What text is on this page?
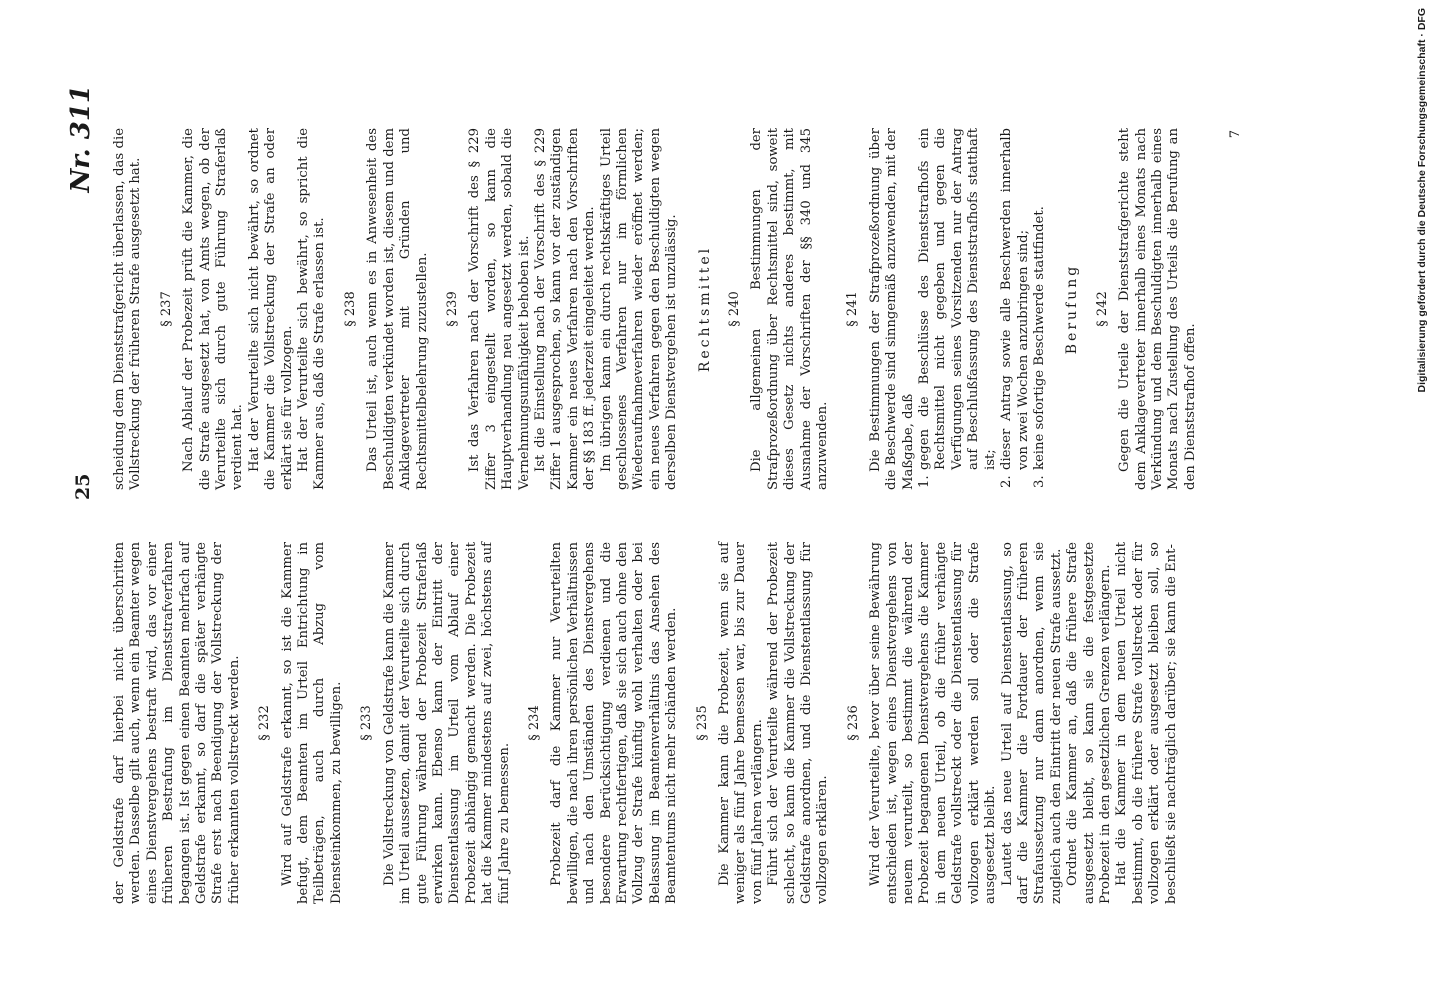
25
Nr. 311

der Geldstrafe darf hierbei nicht überschritten werden. Dasselbe gilt auch, wenn ein Beamter wegen eines Dienstvergehens bestraft wird, das vor einer früheren Bestrafung im Dienststrafverfahren begangen ist. Ist gegen einen Beamten mehrfach auf Geldstrafe erkannt, so darf die später verhängte Strafe erst nach Beendigung der Vollstreckung der früher erkannten vollstreckt werden. § 232 Wird auf Geldstrafe erkannt, so ist die Kammer befugt, dem Beamten im Urteil Entrichtung in Teilbeträgen, auch durch Abzug vom Diensteinkommen, zu bewilligen. § 233 Die Vollstreckung von Geldstrafe kann die Kammer im Urteil aussetzen, damit der Verurteilte sich durch gute Führung während der Probezeit Straferlaß erwirken kann. Ebenso kann der Eintritt der Dienstentlassung im Urteil vom Ablauf einer Probezeit abhängig gemacht werden. Die Probezeit hat die Kammer mindestens auf zwei, höchstens auf fünf Jahre zu bemessen.

§ 234 Probezeit darf die Kammer nur Verurteilten bewilligen, die nach ihren persönlichen Verhältnissen und nach den Umständen des Dienstvergehens besondere Berücksichtigung verdienen und die Erwartung rechtfertigen, daß sie sich auch ohne den Vollzug der Strafe künftig wohl verhalten oder bei Belassung im Beamtenverhältnis das Ansehen des Beamtentums nicht mehr schänden werden. § 235 Die Kammer kann die Probezeit, wenn sie auf weniger als fünf Jahre bemessen war, bis zur Dauer von fünf Jahren verlängern. Führt sich der Verurteilte während der Probezeit schlecht, so kann die Kammer die Vollstreckung der Geldstrafe anordnen, und die Dienstentlassung für vollzogen erklären.

§ 236 Wird der Verurteilte, bevor über seine Bewährung entschieden ist, wegen eines Dienstvergehens von neuem verurteilt, so bestimmt die während der Probezeit begangenen Dienstvergehens die Kammer in dem neuen Urteil, ob die früher verhängte Geldstrafe vollstreckt oder die Dienstentlassung für vollzogen erklärt werden soll oder die Strafe ausgesetzt bleibt. Lautet das neue Urteil auf Dienstentlassung, so darf die Kammer die Fortdauer der früheren Strafaussetzung nur dann anordnen, wenn sie zugleich auch den Eintritt der neuen Strafe aussetzt. Ordnet die Kammer an, daß die frühere Strafe ausgesetzt bleibt, so kann sie die festgesetzte Probezeit in den gesetzlichen Grenzen verlängern. Hat die Kammer in dem neuen Urteil nicht bestimmt, ob die frühere Strafe vollstreckt oder für vollzogen erklärt oder ausgesetzt bleiben soll, so beschließt sie nachträglich darüber; sie kann die Ent-

scheidung dem Dienststrafgericht überlassen, das die Vollstreckung der früheren Strafe ausgesetzt hat. § 237 Nach Ablauf der Probezeit prüft die Kammer, die die Strafe ausgesetzt hat, von Amts wegen, ob der Verurteilte sich durch gute Führung Straferlaß verdient hat. Hat der Verurteilte sich nicht bewährt, so ordnet die Kammer die Vollstreckung der Strafe an oder erklärt sie für vollzogen. Hat der Verurteilte sich bewährt, so spricht die Kammer aus, daß die Strafe erlassen ist. § 238 Das Urteil ist, auch wenn es in Anwesenheit des Beschuldigten verkündet worden ist, diesem und dem Anklagevertreter mit Gründen und Rechtsmittelbelehrung zuzustellen. § 239 Ist das Verfahren nach der Vorschrift des § 229 Ziffer 3 eingestellt worden, so kann die Hauptverhandlung neu angesetzt werden, sobald die Vernehmungsunfähigkeit behoben ist. Ist die Einstellung nach der Vorschrift des § 229 Ziffer 1 ausgesprochen, so kann vor der zuständigen Kammer ein neues Verfahren nach den Vorschriften der §§ 183 ff. jederzeit eingeleitet werden. Im übrigen kann ein durch rechtskräftiges Urteil geschlossenes Verfahren nur im förmlichen Wiederaufnahmeverfahren wieder eröffnet werden; ein neues Verfahren gegen den Beschuldigten wegen derselben Dienstvergehen ist unzulässig. Rechtsmittel § 240 Die allgemeinen Bestimmungen der Strafprozeßordnung über Rechtsmittel sind, soweit dieses Gesetz nichts anderes bestimmt, mit Ausnahme der Vorschriften der §§ 340 und 345 anzuwenden.

§ 241 Die Bestimmungen der Strafprozeßordnung über die Beschwerde sind sinngemäß anzuwenden, mit der Maßgabe, daß 1.
gegen die Beschlüsse des Dienststrafhofs ein Rechtsmittel nicht gegeben und gegen die Verfügungen seines Vorsitzenden nur der Antrag auf Beschlußfassung des Dienststrafhofs statthaft ist;
2.
dieser Antrag sowie alle Beschwerden innerhalb von zwei Wochen anzubringen sind;
3.
keine sofortige Beschwerde stattfindet. Berufung § 242 Gegen die Urteile der Dienststrafgerichte steht dem Anklagevertreter innerhalb eines Monats nach Verkündung und dem Beschuldigten innerhalb eines Monats nach Zustellung des Urteils die Berufung an den Dienststrafhof offen.

7	Digitalisierung gefördert durch die Deutsche Forschungsgemeinschaft · DFG
